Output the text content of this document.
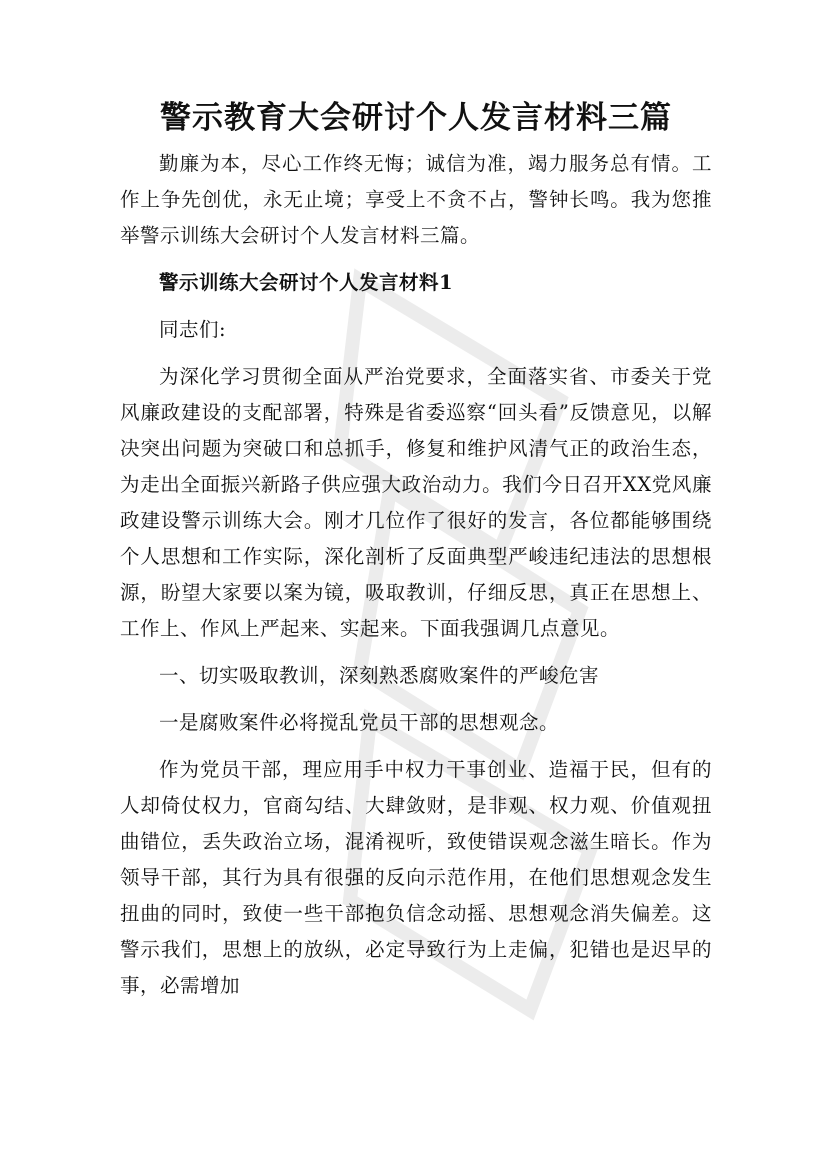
警示教育大会研讨个人发言材料三篇

勤廉为本，尽心工作终无悔；诚信为准，竭力服务总有情。工作上争先创优，永无止境；享受上不贪不占，警钟长鸣。我为您推举警示训练大会研讨个人发言材料三篇。

警示训练大会研讨个人发言材料1

同志们:

为深化学习贯彻全面从严治党要求，全面落实省、市委关于党风廉政建设的支配部署，特殊是省委巡察“回头看”反馈意见，以解决突出问题为突破口和总抓手，修复和维护风清气正的政治生态，为走出全面振兴新路子供应强大政治动力。我们今日召开XX党风廉政建设警示训练大会。刚才几位作了很好的发言，各位都能够围绕个人思想和工作实际，深化剖析了反面典型严峻违纪违法的思想根源，盼望大家要以案为镜，吸取教训，仔细反思，真正在思想上、工作上、作风上严起来、实起来。下面我强调几点意见。

一、切实吸取教训，深刻熟悉腐败案件的严峻危害

一是腐败案件必将搅乱党员干部的思想观念。

作为党员干部，理应用手中权力干事创业、造福于民，但有的人却倚仗权力，官商勾结、大肆敛财，是非观、权力观、价值观扭曲错位，丢失政治立场，混淆视听，致使错误观念滋生暗长。作为领导干部，其行为具有很强的反向示范作用，在他们思想观念发生扭曲的同时，致使一些干部抱负信念动摇、思想观念消失偏差。这警示我们，思想上的放纵，必定导致行为上走偏，犯错也是迟早的事，必需增加
